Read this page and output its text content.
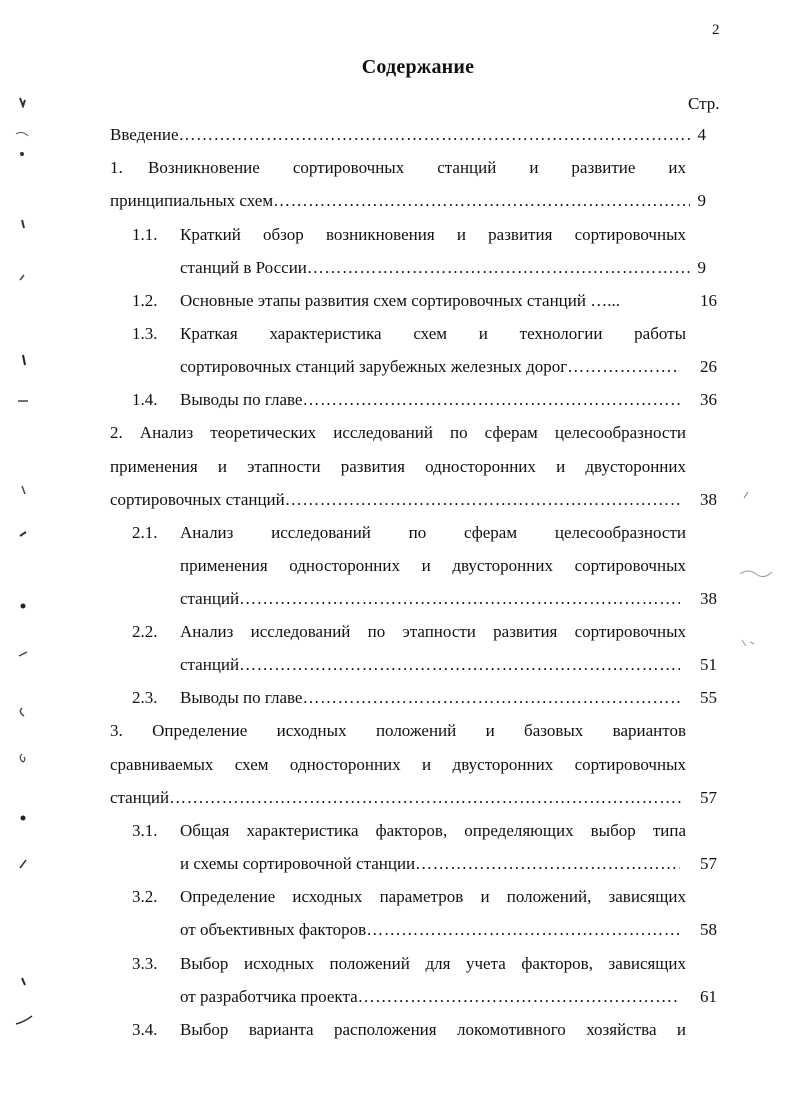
2
Содержание
Стр.
Введение ……………………………………………………………………………………………………………………………………………………………………	4
1. Возникновение сортировочных станций и развитие их
принципиальных схем ……………………………………………………………………………………………………………………………………………………………………	9
1.1. Краткий обзор возникновения и развития сортировочных
станций в России ……………………………………………………………………………………………………………………………………………………………………	9
1.2. Основные этапы развития схем сортировочных станций …...	16
1.3. Краткая характеристика схем и технологии работы
сортировочных станций зарубежных железных дорог ……………………………………………………………………………………………………………………………………………………………………	26
1.4. Выводы по главе ……………………………………………………………………………………………………………………………………………………………………	36
2. Анализ теоретических исследований по сферам целесообразности
применения и этапности развития односторонних и двусторонних
сортировочных станций ……………………………………………………………………………………………………………………………………………………………………	38
2.1. Анализ исследований по сферам целесообразности
применения односторонних и двусторонних сортировочных
станций ……………………………………………………………………………………………………………………………………………………………………	38
2.2. Анализ исследований по этапности развития сортировочных
станций ……………………………………………………………………………………………………………………………………………………………………	51
2.3. Выводы по главе ……………………………………………………………………………………………………………………………………………………………………	55
3. Определение исходных положений и базовых вариантов
сравниваемых схем односторонних и двусторонних сортировочных
станций ……………………………………………………………………………………………………………………………………………………………………	57
3.1. Общая характеристика факторов, определяющих выбор типа
и схемы сортировочной станции ……………………………………………………………………………………………………………………………………………………………………	57
3.2. Определение исходных параметров и положений, зависящих
от объективных факторов ……………………………………………………………………………………………………………………………………………………………………	58
3.3. Выбор исходных положений для учета факторов, зависящих
от разработчика проекта ……………………………………………………………………………………………………………………………………………………………………	61
3.4. Выбор варианта расположения локомотивного хозяйства и
